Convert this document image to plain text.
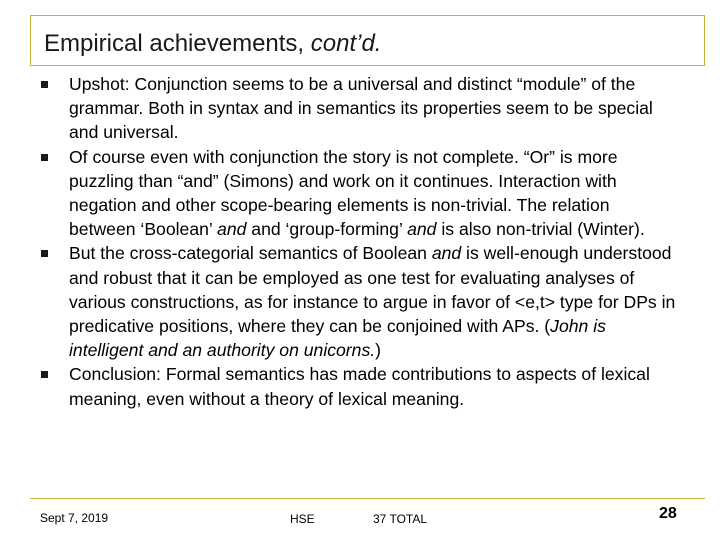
Empirical achievements, cont’d.
Upshot: Conjunction seems to be a universal and distinct “module” of the grammar. Both in syntax and in semantics its properties seem to be special and universal.
Of course even with conjunction the story is not complete. “Or” is more puzzling than “and” (Simons) and work on it continues. Interaction with negation and other scope-bearing elements is non-trivial. The relation between ‘Boolean’ and and ‘group-forming’ and is also non-trivial (Winter).
But the cross-categorial semantics of Boolean and is well-enough understood and robust that it can be employed as one test for evaluating analyses of various constructions, as for instance to argue in favor of <e,t> type for DPs in predicative positions, where they can be conjoined with APs. (John is intelligent and an authority on unicorns.)
Conclusion: Formal semantics has made contributions to aspects of lexical meaning, even without a theory of lexical meaning.
Sept 7, 2019	HSE	37 TOTAL	28
